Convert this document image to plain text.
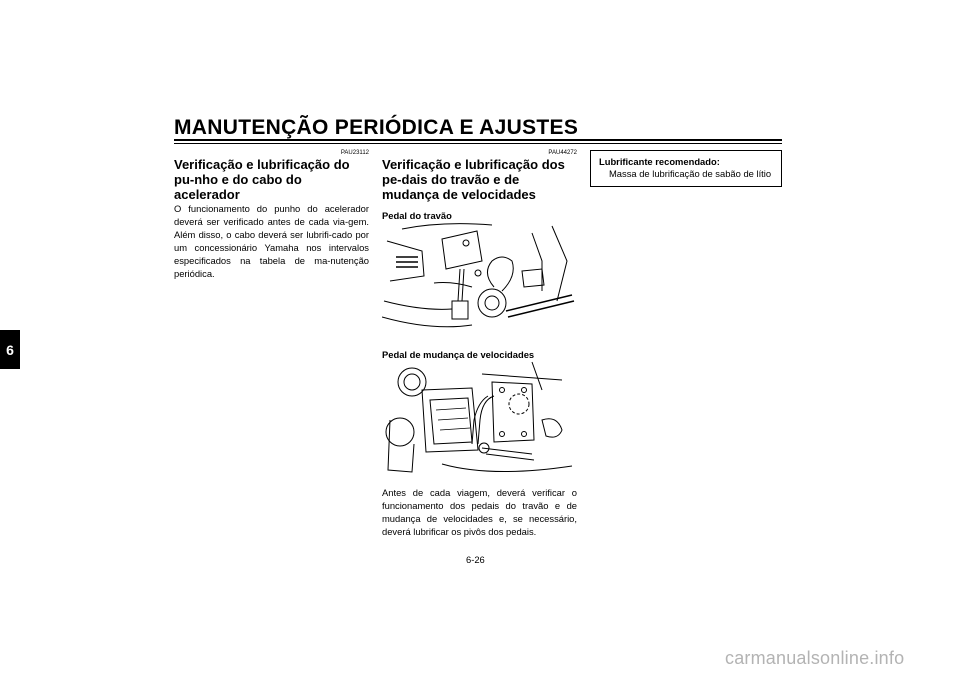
MANUTENÇÃO PERIÓDICA E AJUSTES
6
PAU23112
Verificação e lubrificação do pu-nho e do cabo do acelerador

O funcionamento do punho do acelerador deverá ser verificado antes de cada via-gem. Além disso, o cabo deverá ser lubrifi-cado por um concessionário Yamaha nos intervalos especificados na tabela de ma-nutenção periódica.

PAU44272
Verificação e lubrificação dos pe-dais do travão e de mudança de velocidades

Pedal do travão

Pedal de mudança de velocidades

Antes de cada viagem, deverá verificar o funcionamento dos pedais do travão e de mudança de velocidades e, se necessário, deverá lubrificar os pivôs dos pedais.

Lubrificante recomendado:
Massa de lubrificação de sabão de lítio
6-26
carmanualsonline.info
